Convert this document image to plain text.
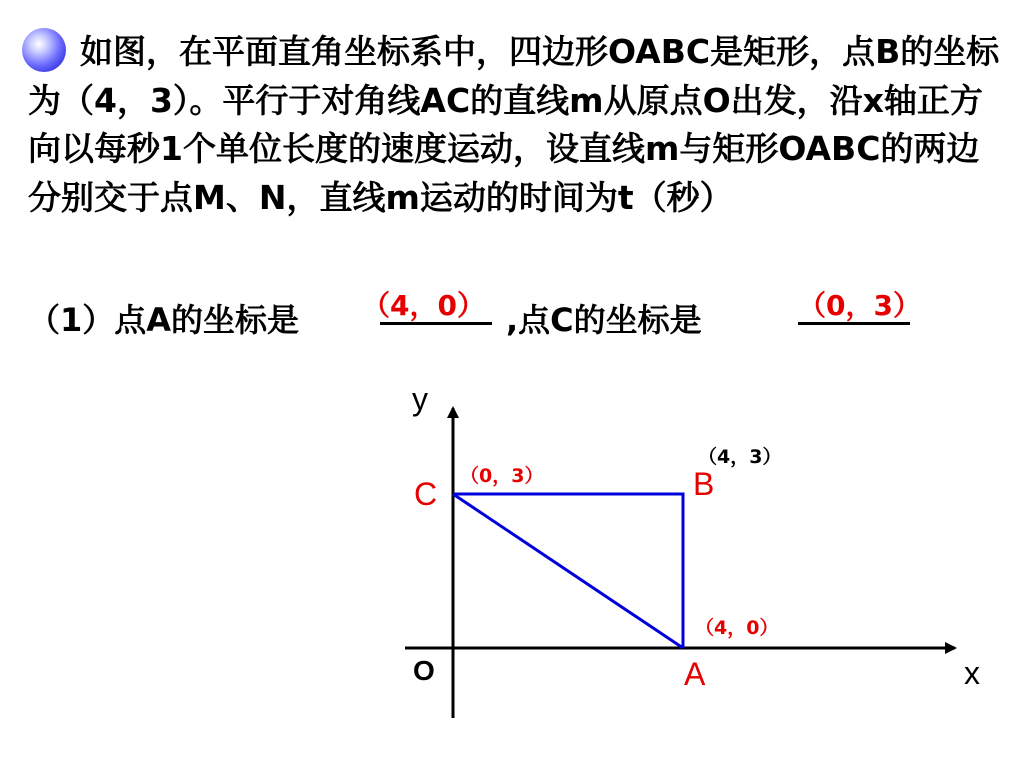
如图，在平面直角坐标系中，四边形OABC是矩形，点B的坐标为（4，3）。平行于对角线AC的直线m从原点O出发，沿x轴正方向以每秒1个单位长度的速度运动，设直线m与矩形OABC的两边分别交于点M、N，直线m运动的时间为t（秒）
（1）点A的坐标是 （4，0） ,点C的坐标是	（0，3）
y
x
O
C	B
A
（0，3）
（4，3）
（4，0）
